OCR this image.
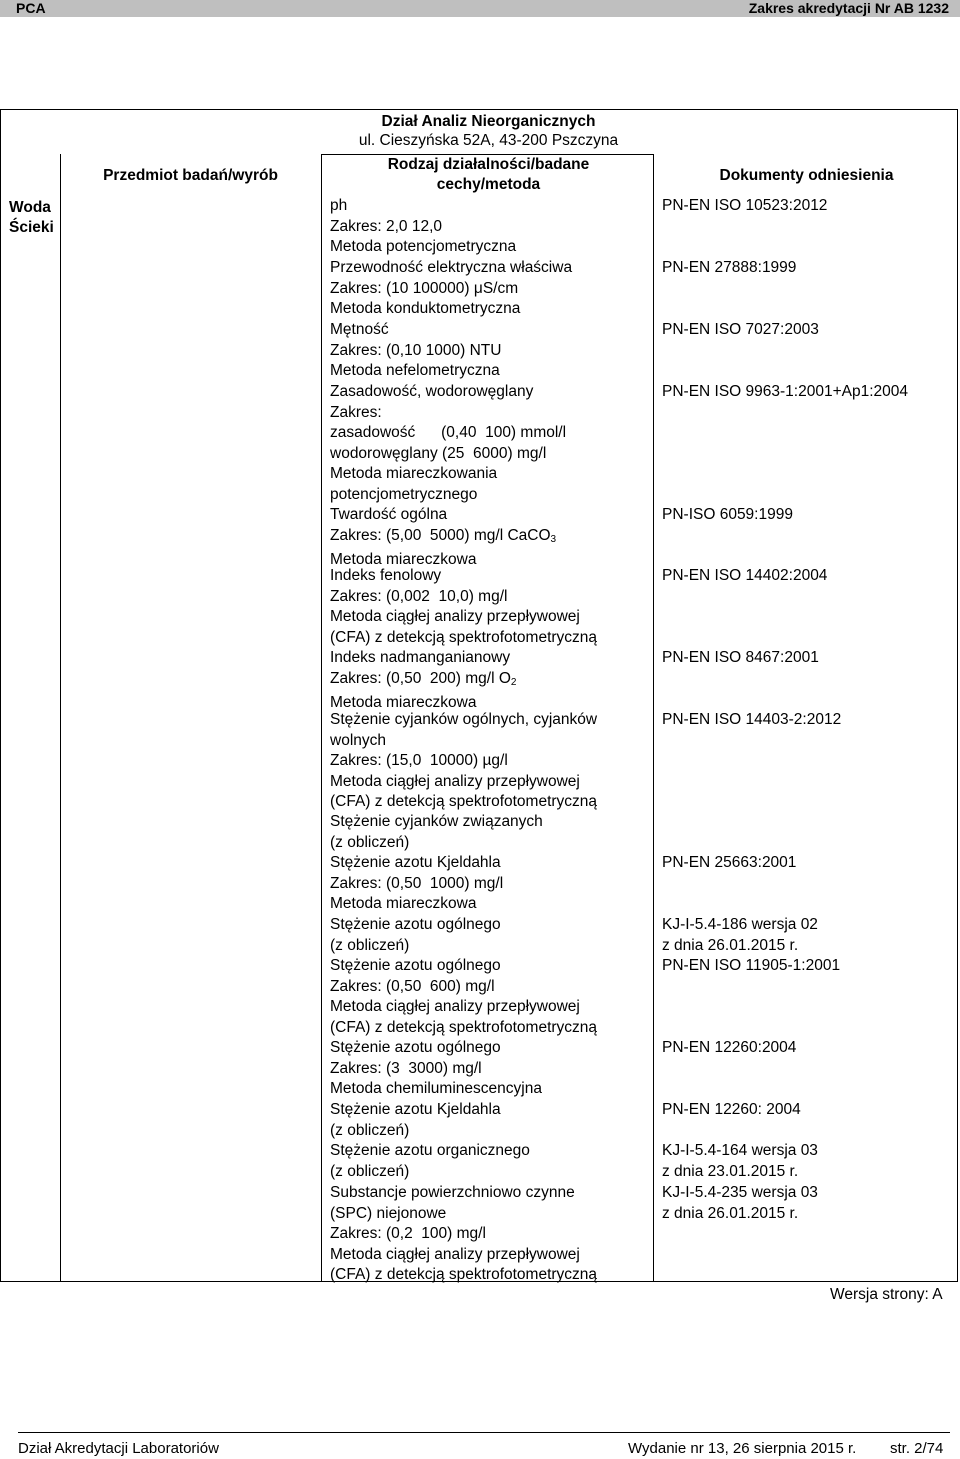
PCA	Zakres akredytacji Nr AB 1232
Dział Analiz Nieorganicznych
ul. Cieszyńska 52A, 43-200 Pszczyna
Przedmiot badań/wyrób
Rodzaj działalności/badane
cechy/metoda
Dokumenty odniesienia
Woda
Ścieki
ph
Zakres: 2,0 12,0
Metoda potencjometryczna
PN-EN ISO 10523:2012
Przewodność elektryczna właściwa
Zakres: (10 100000) μS/cm
Metoda konduktometryczna
PN-EN 27888:1999
Mętność
Zakres: (0,10 1000) NTU
Metoda nefelometryczna
PN-EN ISO 7027:2003
Zasadowość, wodorowęglany
Zakres:
zasadowość      (0,40  100) mmol/l
wodorowęglany (25  6000) mg/l
Metoda miareczkowania
potencjometrycznego
PN-EN ISO 9963-1:2001+Ap1:2004
Twardość ogólna
Zakres: (5,00  5000) mg/l CaCO$_3$
Metoda miareczkowa
PN-ISO 6059:1999
Indeks fenolowy
Zakres: (0,002  10,0) mg/l
Metoda ciągłej analizy przepływowej
(CFA) z detekcją spektrofotometryczną
PN-EN ISO 14402:2004
Indeks nadmanganianowy
Zakres: (0,50  200) mg/l $O_2$
Metoda miareczkowa
PN-EN ISO 8467:2001
Stężenie cyjanków ogólnych, cyjanków
wolnych
Zakres: (15,0  10000) µg/l
Metoda ciągłej analizy przepływowej
(CFA) z detekcją spektrofotometryczną
PN-EN ISO 14403-2:2012
Stężenie cyjanków związanych
(z obliczeń)
Stężenie azotu Kjeldahla
Zakres: (0,50  1000) mg/l
Metoda miareczkowa
PN-EN 25663:2001
Stężenie azotu ogólnego
(z obliczeń)
KJ-I-5.4-186 wersja 02
z dnia 26.01.2015 r.
Stężenie azotu ogólnego
Zakres: (0,50  600) mg/l
Metoda ciągłej analizy przepływowej
(CFA) z detekcją spektrofotometryczną
PN-EN ISO 11905-1:2001
Stężenie azotu ogólnego
Zakres: (3  3000) mg/l
Metoda chemiluminescencyjna
PN-EN 12260:2004
Stężenie azotu Kjeldahla
(z obliczeń)
PN-EN 12260: 2004
Stężenie azotu organicznego
(z obliczeń)
KJ-I-5.4-164 wersja 03
z dnia 23.01.2015 r.
Substancje powierzchniowo czynne
(SPC) niejonowe
Zakres: (0,2  100) mg/l
Metoda ciągłej analizy przepływowej
(CFA) z detekcją spektrofotometryczną
KJ-I-5.4-235 wersja 03
z dnia 26.01.2015 r.
Wersja strony: A
Dział Akredytacji Laboratoriów	Wydanie nr 13, 26 sierpnia 2015 r. str. 2/74
